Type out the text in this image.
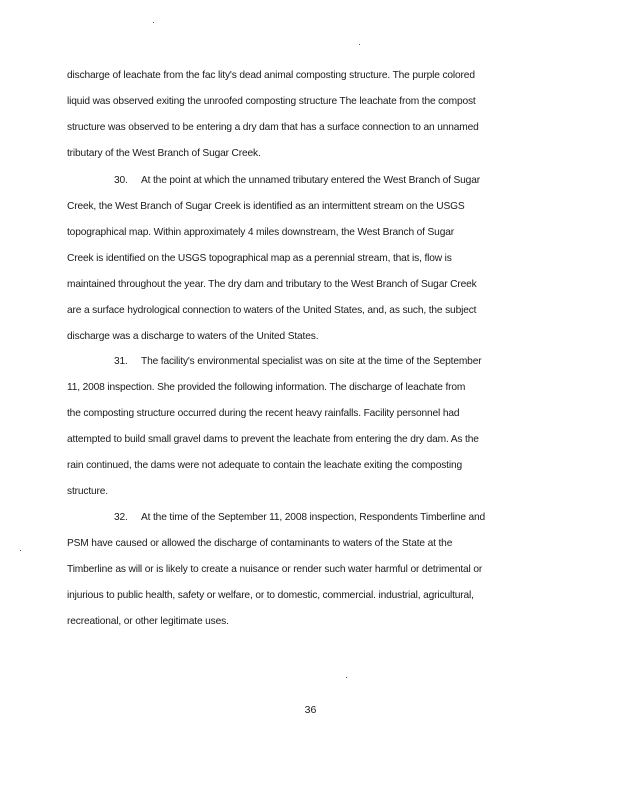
discharge of leachate from the fac lity's dead animal composting structure. The purple colored
liquid was observed exiting the unroofed composting structure The leachate from the compost
structure was observed to be entering a dry dam that has a surface connection to an unnamed
tributary of the West Branch of Sugar Creek.
30. At the point at which the unnamed tributary entered the West Branch of Sugar
Creek, the West Branch of Sugar Creek is identified as an intermittent stream on the USGS
topographical map. Within approximately 4 miles downstream, the West Branch of Sugar
Creek is identified on the USGS topographical map as a perennial stream, that is, flow is
maintained throughout the year. The dry dam and tributary to the West Branch of Sugar Creek
are a surface hydrological connection to waters of the United States, and, as such, the subject
discharge was a discharge to waters of the United States.
31. The facility's environmental specialist was on site at the time of the September
11, 2008 inspection. She provided the following information. The discharge of leachate from
the composting structure occurred during the recent heavy rainfalls. Facility personnel had
attempted to build small gravel dams to prevent the leachate from entering the dry dam. As the
rain continued, the dams were not adequate to contain the leachate exiting the composting
structure.
32. At the time of the September 11, 2008 inspection, Respondents Timberline and
PSM have caused or allowed the discharge of contaminants to waters of the State at the
Timberline as will or is likely to create a nuisance or render such water harmful or detrimental or
injurious to public health, safety or welfare, or to domestic, commercial. industrial, agricultural,
recreational, or other legitimate uses.
36
